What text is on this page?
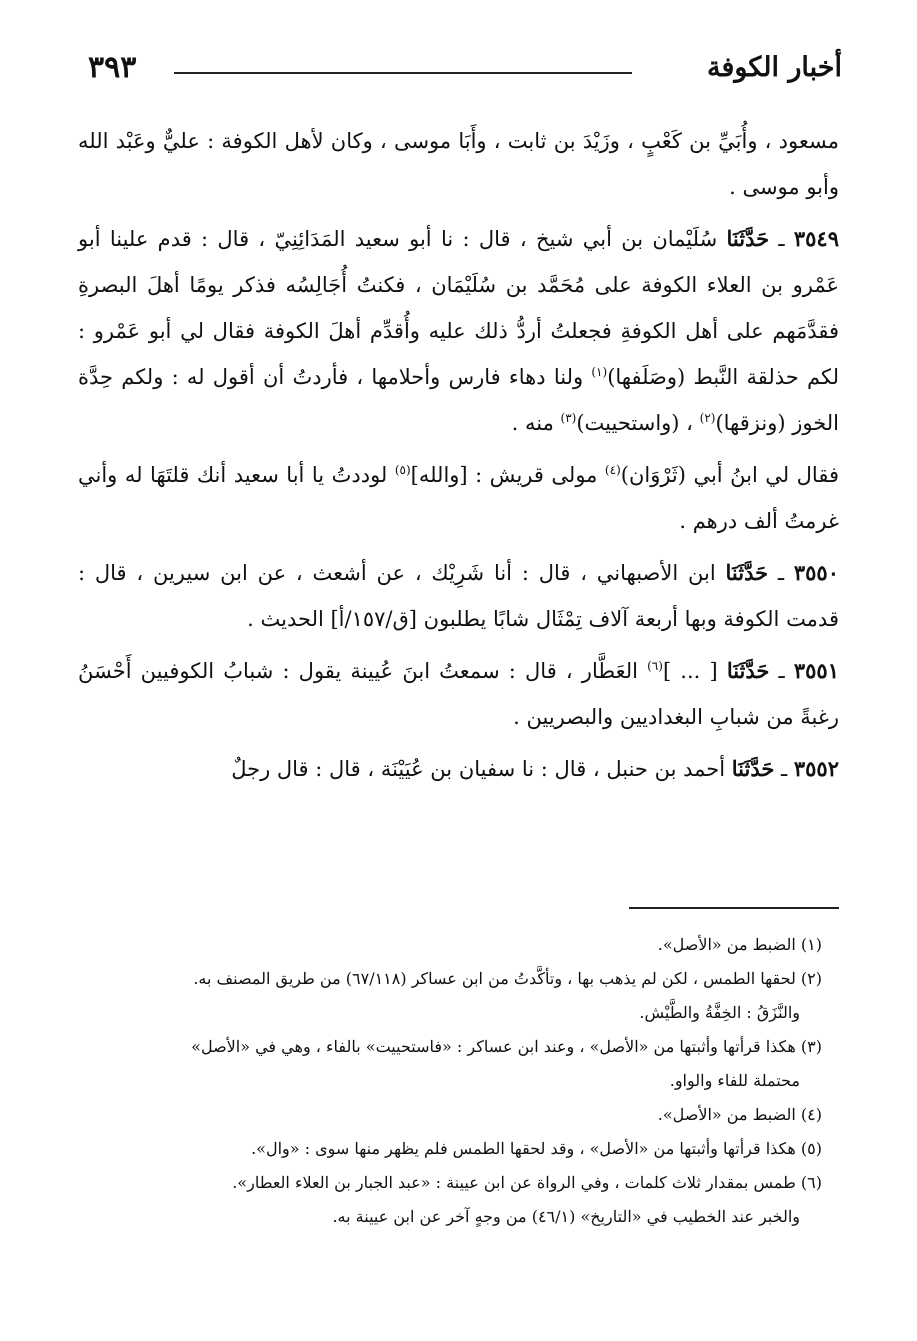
٣٩٣	أخبار الكوفة

مسعود ، وأُبَيِّ بن كَعْبٍ ، وزَيْدَ بن ثابت ، وأَبَا موسى ، وكان لأهل الكوفة : عليٌّ وعَبْد الله وأبو موسى .

٣٥٤٩ ـ حَدَّثَنَا سُلَيْمان بن أبي شيخ ، قال : نا أبو سعيد المَدَائِنِيّ ، قال : قدم علينا أبو عَمْرو بن العلاء الكوفة على مُحَمَّد بن سُلَيْمَان ، فكنتُ أُجَالِسُه فذكر يومًا أهلَ البصرةِ فقدَّمَهم على أهل الكوفةِ فجعلتُ أردُّ ذلك عليه وأُقدِّم أهلَ الكوفة فقال لي أبو عَمْرو : لكم حذلقة النَّبط (وصَلَفها)$^{(١)}$ ولنا دهاء فارس وأحلامها ، فأردتُ أن أقول له : ولكم حِدَّة الخوز (ونزقها)$^{(٢)}$ ، (واستحييت)$^{(٣)}$ منه .

فقال لي ابنُ أبي (ثَرْوَان)$^{(٤)}$ مولى قريش : [والله]$^{(٥)}$ لوددتُ يا أبا سعيد أنك قلتَهَا له وأني غرمتُ ألف درهم .

٣٥٥٠ ـ حَدَّثَنَا ابن الأصبهاني ، قال : أنا شَرِيْك ، عن أشعث ، عن ابن سيرين ، قال : قدمت الكوفة وبها أربعة آلاف تِمْثَال شابًا يطلبون [ق/١٥٧/أ] الحديث .

٣٥٥١ ـ حَدَّثَنَا [ ... ]$^{(٦)}$ العَطَّار ، قال : سمعتُ ابنَ عُيينة يقول : شبابُ الكوفيين أَحْسَنُ رغبةً من شبابِ البغداديين والبصريين .

٣٥٥٢ ـ حَدَّثَنَا أحمد بن حنبل ، قال : نا سفيان بن عُيَيْنَة ، قال : قال رجلٌ

(١) الضبط من «الأصل».

(٢) لحقها الطمس ، لكن لم يذهب بها ، وتأكَّدتُ من ابن عساكر (٦٧/١١٨) من طريق المصنف به.

والنَّزَقُ : الخِفَّةُ والطَّيْش.

(٣) هكذا قرأتها وأثبتها من «الأصل» ، وعند ابن عساكر : «فاستحييت» بالفاء ، وهي في «الأصل»

محتملة للفاء والواو.

(٤) الضبط من «الأصل».

(٥) هكذا قرأتها وأثبتها من «الأصل» ، وقد لحقها الطمس فلم يظهر منها سوى : «وال».

(٦) طمس بمقدار ثلاث كلمات ، وفي الرواة عن ابن عيينة : «عبد الجبار بن العلاء العطار».

والخبر عند الخطيب في «التاريخ» (٤٦/١) من وجهٍ آخر عن ابن عيينة به.
